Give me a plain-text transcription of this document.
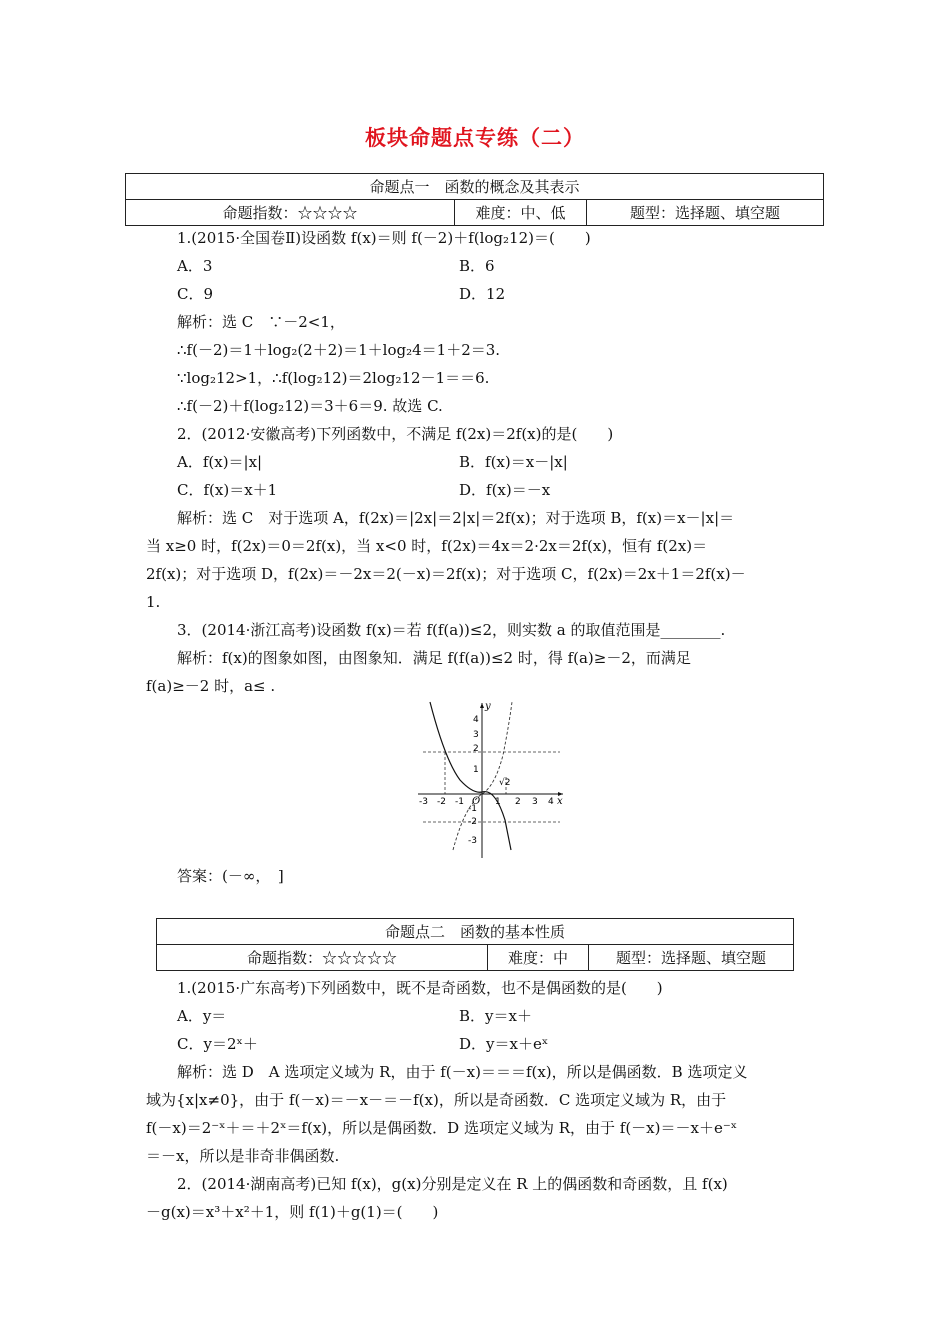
板块命题点专练（二）
命题点一　函数的概念及其表示
命题指数：☆☆☆☆	难度：中、低	题型：选择题、填空题
1.(2015·全国卷Ⅱ)设函数 f(x)＝则 f(－2)＋f(log₂12)＝(　　)
A．3	B．6
C．9	D．12
解析：选 C　∵－2<1，
∴f(－2)＝1＋log₂(2＋2)＝1＋log₂4＝1＋2＝3.
∵log₂12>1，∴f(log₂12)＝2log₂12－1＝＝6.
∴f(－2)＋f(log₂12)＝3＋6＝9. 故选 C.
2．(2012·安徽高考)下列函数中，不满足 f(2x)＝2f(x)的是(　　)
A．f(x)＝|x|	B．f(x)＝x－|x|
C．f(x)＝x＋1	D．f(x)＝－x
解析：选 C　对于选项 A，f(2x)＝|2x|＝2|x|＝2f(x)；对于选项 B，f(x)＝x－|x|＝
当 x≥0 时，f(2x)＝0＝2f(x)，当 x<0 时，f(2x)＝4x＝2·2x＝2f(x)，恒有 f(2x)＝
2f(x)；对于选项 D，f(2x)＝－2x＝2(－x)＝2f(x)；对于选项 C，f(2x)＝2x＋1＝2f(x)－
1.
3．(2014·浙江高考)设函数 f(x)＝若 f(f(a))≤2，则实数 a 的取值范围是________.
解析：f(x)的图象如图，由图象知．满足 f(f(a))≤2 时，得 f(a)≥－2，而满足
f(a)≥－2 时，a≤ .
y
x
O
-3 -2 -1	1 2 3 4
4
3
2
1
-1
-2
-3
√2
答案：(－∞，　]
命题点二　函数的基本性质
命题指数：☆☆☆☆☆	难度：中	题型：选择题、填空题
1.(2015·广东高考)下列函数中，既不是奇函数，也不是偶函数的是(　　)
A．y＝	B．y＝x＋
C．y＝2ˣ＋	D．y＝x＋eˣ
解析：选 D　A 选项定义域为 R，由于 f(－x)＝＝＝f(x)，所以是偶函数．B 选项定义
域为{x|x≠0}，由于 f(－x)＝－x－＝－f(x)，所以是奇函数．C 选项定义域为 R，由于
f(－x)＝2⁻ˣ＋＝＋2ˣ＝f(x)，所以是偶函数．D 选项定义域为 R，由于 f(－x)＝－x＋e⁻ˣ
＝－x，所以是非奇非偶函数.
2．(2014·湖南高考)已知 f(x)，g(x)分别是定义在 R 上的偶函数和奇函数，且 f(x)
－g(x)＝x³＋x²＋1，则 f(1)＋g(1)＝(　　)
